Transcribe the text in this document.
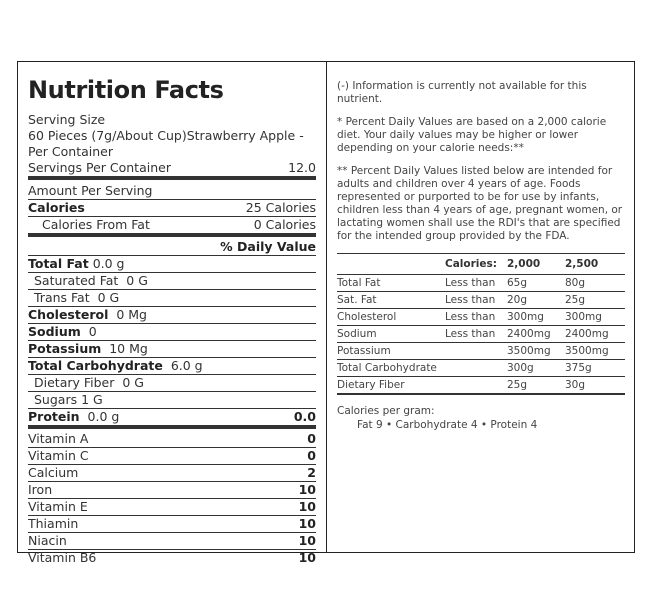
Nutrition Facts
Serving Size
60 Pieces (7g/About Cup)Strawberry Apple - Per Container
Servings Per Container	12.0
Amount Per Serving
Calories	25 Calories
Calories From Fat	0 Calories
% Daily Value
Total Fat 0.0 g
Saturated Fat 0 G
Trans Fat 0 G
Cholesterol 0 Mg
Sodium 0
Potassium 10 Mg
Total Carbohydrate 6.0 g
Dietary Fiber 0 G
Sugars 1 G
Protein 0.0 g	0.0
Vitamin A	0
Vitamin C	0
Calcium	2
Iron	10
Vitamin E	10
Thiamin	10
Niacin	10
Vitamin B6	10

(-) Information is currently not available for this nutrient.

* Percent Daily Values are based on a 2,000 calorie diet. Your daily values may be higher or lower depending on your calorie needs:**

** Percent Daily Values listed below are intended for adults and children over 4 years of age. Foods represented or purported to be for use by infants, children less than 4 years of age, pregnant women, or lactating women shall use the RDI's that are specified for the intended group provided by the FDA.

	Calories:	2,000	2,500
Total Fat	Less than	65g	80g
Sat. Fat	Less than	20g	25g
Cholesterol	Less than	300mg	300mg
Sodium	Less than	2400mg	2400mg
Potassium		3500mg	3500mg
Total Carbohydrate		300g	375g
Dietary Fiber		25g	30g
Calories per gram:
Fat 9 • Carbohydrate 4 • Protein 4
